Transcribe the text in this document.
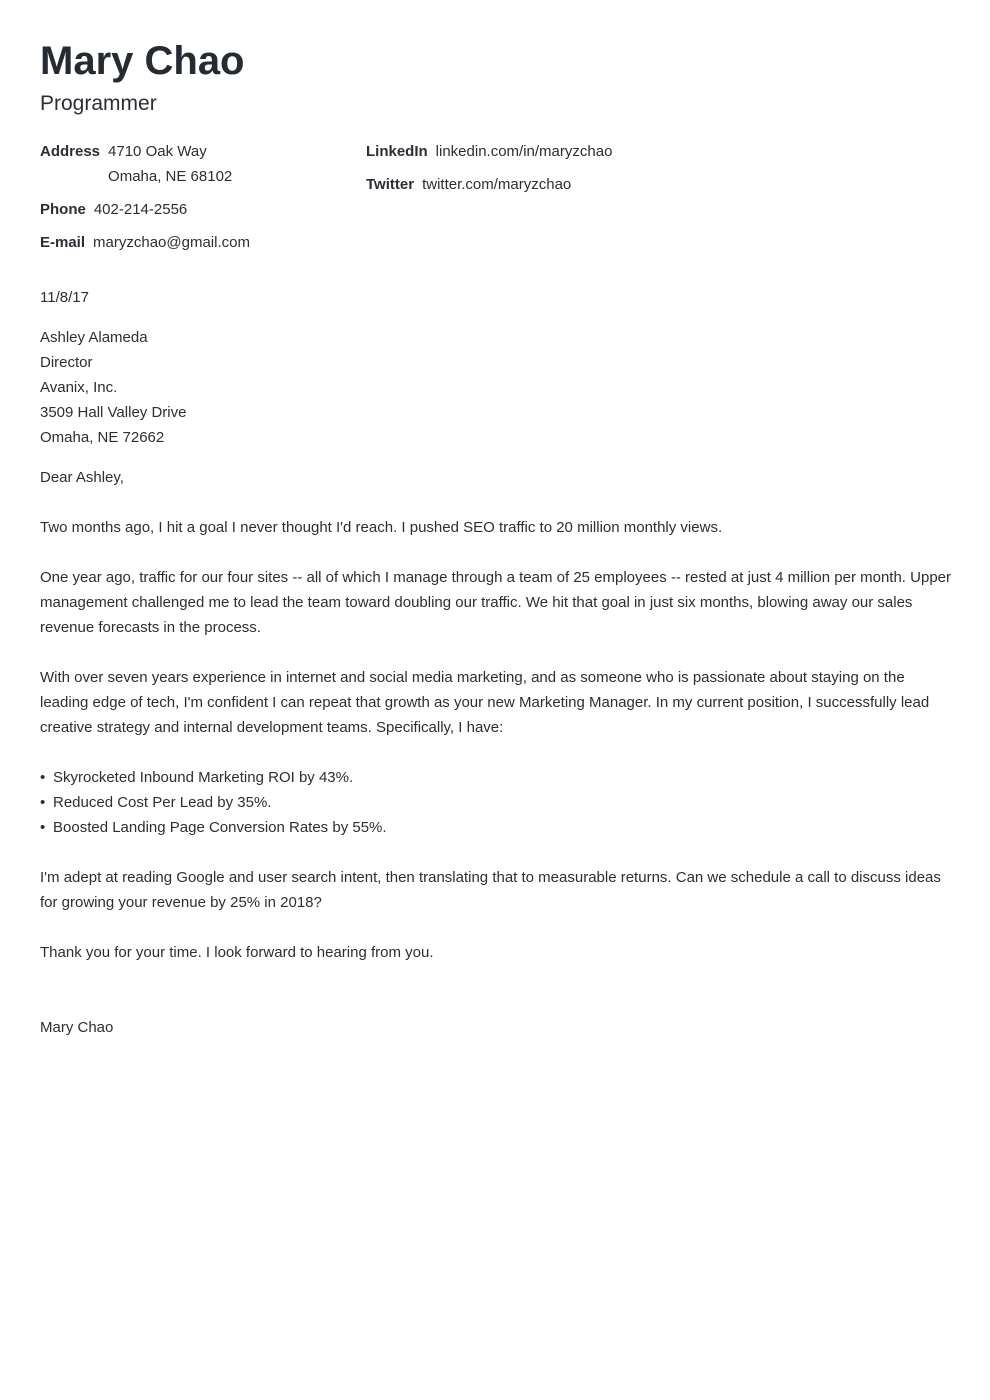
Mary Chao
Programmer
Address 4710 Oak Way
Omaha, NE 68102
Phone 402-214-2556
E-mail maryzchao@gmail.com
LinkedIn linkedin.com/in/maryzchao
Twitter twitter.com/maryzchao

11/8/17

Ashley Alameda
Director
Avanix, Inc.
3509 Hall Valley Drive
Omaha, NE 72662

Dear Ashley,

Two months ago, I hit a goal I never thought I'd reach. I pushed SEO traffic to 20 million monthly views.

One year ago, traffic for our four sites -- all of which I manage through a team of 25 employees -- rested at just 4 million per month. Upper management challenged me to lead the team toward doubling our traffic. We hit that goal in just six months, blowing away our sales revenue forecasts in the process.

With over seven years experience in internet and social media marketing, and as someone who is passionate about staying on the leading edge of tech, I'm confident I can repeat that growth as your new Marketing Manager. In my current position, I successfully lead creative strategy and internal development teams. Specifically, I have:

• Skyrocketed Inbound Marketing ROI by 43%.
• Reduced Cost Per Lead by 35%.
• Boosted Landing Page Conversion Rates by 55%.

I'm adept at reading Google and user search intent, then translating that to measurable returns. Can we schedule a call to discuss ideas for growing your revenue by 25% in 2018?

Thank you for your time. I look forward to hearing from you.

Mary Chao
